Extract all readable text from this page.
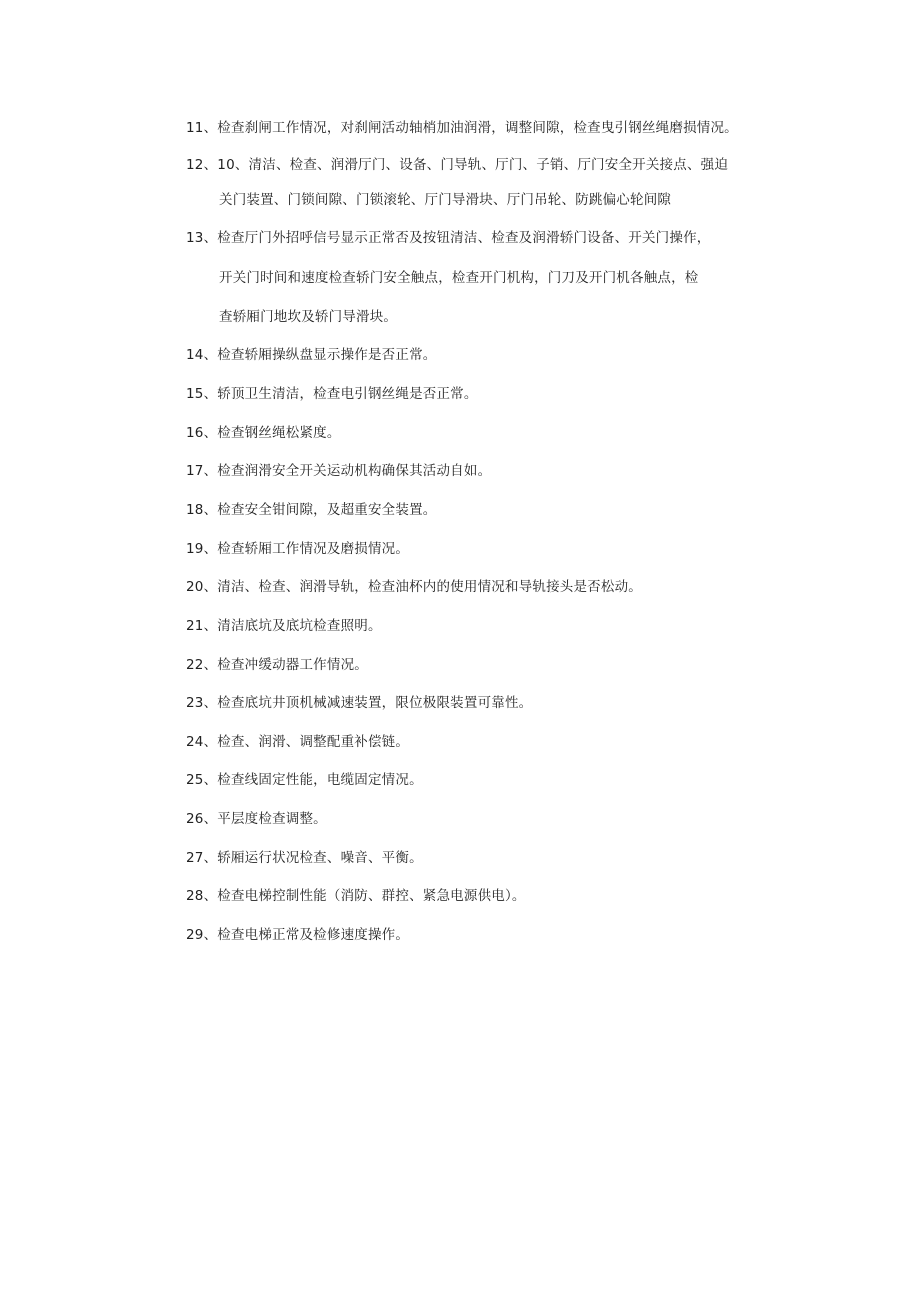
11、检查刹闸工作情况，对刹闸活动轴梢加油润滑，调整间隙，检查曳引钢丝绳磨损情况。
12、10、清洁、检查、润滑厅门、设备、门导轨、厅门、子销、厅门安全开关接点、强迫
关门装置、门锁间隙、门锁滚轮、厅门导滑块、厅门吊轮、防跳偏心轮间隙
13、检查厅门外招呼信号显示正常否及按钮清洁、检查及润滑轿门设备、开关门操作，
开关门时间和速度检查轿门安全触点，检查开门机构，门刀及开门机各触点，检
查轿厢门地坎及轿门导滑块。
14、检查轿厢操纵盘显示操作是否正常。
15、轿顶卫生清洁，检查电引钢丝绳是否正常。
16、检查钢丝绳松紧度。
17、检查润滑安全开关运动机构确保其活动自如。
18、检查安全钳间隙，及超重安全装置。
19、检查轿厢工作情况及磨损情况。
20、清洁、检查、润滑导轨，检查油杯内的使用情况和导轨接头是否松动。
21、清洁底坑及底坑检查照明。
22、检查冲缓动器工作情况。
23、检查底坑井顶机械减速装置，限位极限装置可靠性。
24、检查、润滑、调整配重补偿链。
25、检查线固定性能，电缆固定情况。
26、平层度检查调整。
27、轿厢运行状况检查、噪音、平衡。
28、检查电梯控制性能（消防、群控、紧急电源供电）。
29、检查电梯正常及检修速度操作。
